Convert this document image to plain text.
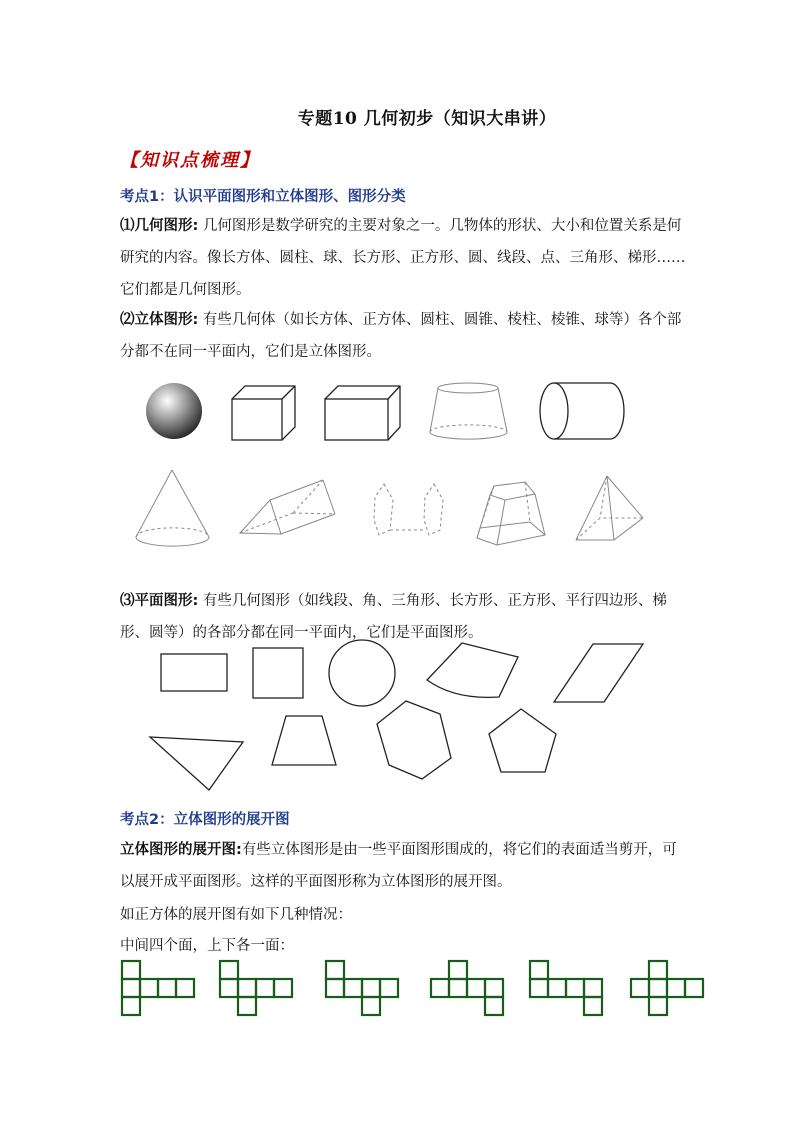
专题10 几何初步（知识大串讲）
【知识点梳理】
考点1：认识平面图形和立体图形、图形分类
⑴几何图形: 几何图形是数学研究的主要对象之一。几物体的形状、大小和位置关系是何研究的内容。像长方体、圆柱、球、长方形、正方形、圆、线段、点、三角形、梯形……它们都是几何图形。
⑵立体图形: 有些几何体（如长方体、正方体、圆柱、圆锥、棱柱、棱锥、球等）各个部分都不在同一平面内，它们是立体图形。
⑶平面图形: 有些几何图形（如线段、角、三角形、长方形、正方形、平行四边形、梯形、圆等）的各部分都在同一平面内，它们是平面图形。
考点2：立体图形的展开图
立体图形的展开图:有些立体图形是由一些平面图形围成的，将它们的表面适当剪开，可以展开成平面图形。这样的平面图形称为立体图形的展开图。
如正方体的展开图有如下几种情况：
中间四个面，上下各一面：
